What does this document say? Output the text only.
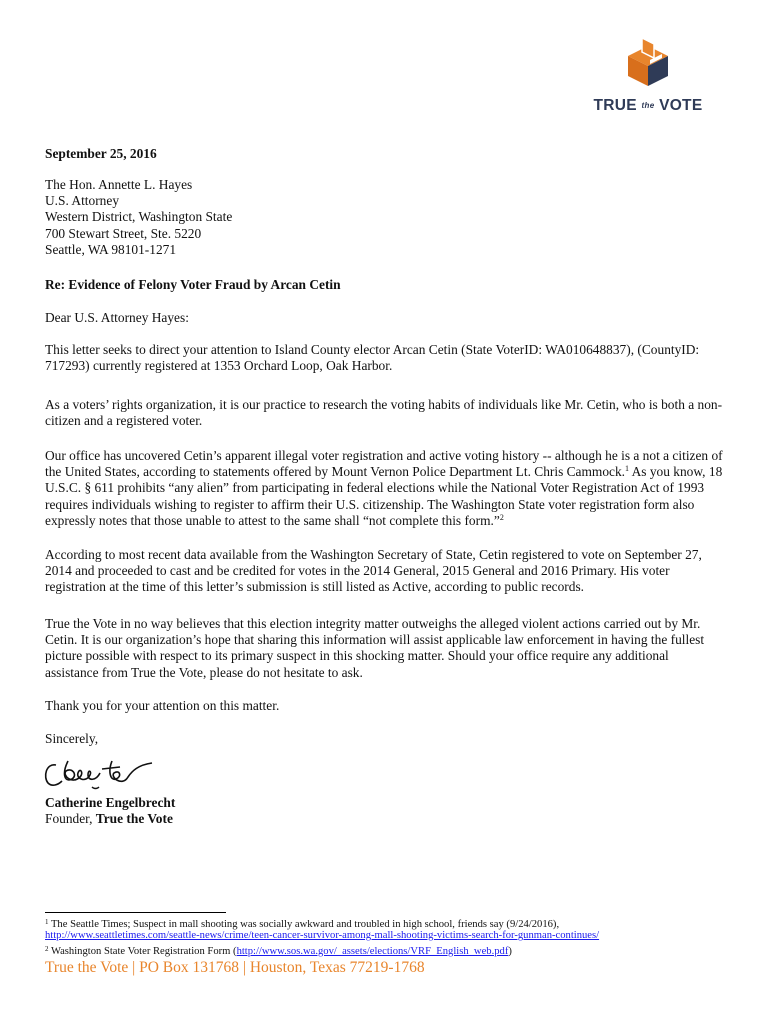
TRUE the VOTE
September 25, 2016
The Hon. Annette L. Hayes
U.S. Attorney
Western District, Washington State
700 Stewart Street, Ste. 5220
Seattle, WA 98101-1271
Re: Evidence of Felony Voter Fraud by Arcan Cetin
Dear U.S. Attorney Hayes:

This letter seeks to direct your attention to Island County elector Arcan Cetin (State VoterID: WA010648837), (CountyID: 717293) currently registered at 1353 Orchard Loop, Oak Harbor.

As a voters’ rights organization, it is our practice to research the voting habits of individuals like Mr. Cetin, who is both a non-citizen and a registered voter.

Our office has uncovered Cetin’s apparent illegal voter registration and active voting history -- although he is a not a citizen of the United States, according to statements offered by Mount Vernon Police Department Lt. Chris Cammock.$^1$ As you know, 18 U.S.C. § 611 prohibits “any alien” from participating in federal elections while the National Voter Registration Act of 1993 requires individuals wishing to register to affirm their U.S. citizenship. The Washington State voter registration form also expressly notes that those unable to attest to the same shall “not complete this form.”$^2$

According to most recent data available from the Washington Secretary of State, Cetin registered to vote on September 27, 2014 and proceeded to cast and be credited for votes in the 2014 General, 2015 General and 2016 Primary. His voter registration at the time of this letter’s submission is still listed as Active, according to public records.

True the Vote in no way believes that this election integrity matter outweighs the alleged violent actions carried out by Mr. Cetin. It is our organization’s hope that sharing this information will assist applicable law enforcement in having the fullest picture possible with respect to its primary suspect in this shocking matter. Should your office require any additional assistance from True the Vote, please do not hesitate to ask.

Thank you for your attention on this matter.
Sincerely,
Catherine Engelbrecht
Founder, True the Vote
$^1$ The Seattle Times; Suspect in mall shooting was socially awkward and troubled in high school, friends say (9/24/2016),
http://www.seattletimes.com/seattle-news/crime/teen-cancer-survivor-among-mall-shooting-victims-search-for-gunman-continues/
$^2$ Washington State Voter Registration Form (http://www.sos.wa.gov/_assets/elections/VRF_English_web.pdf)
True the Vote | PO Box 131768 | Houston, Texas 77219-1768
